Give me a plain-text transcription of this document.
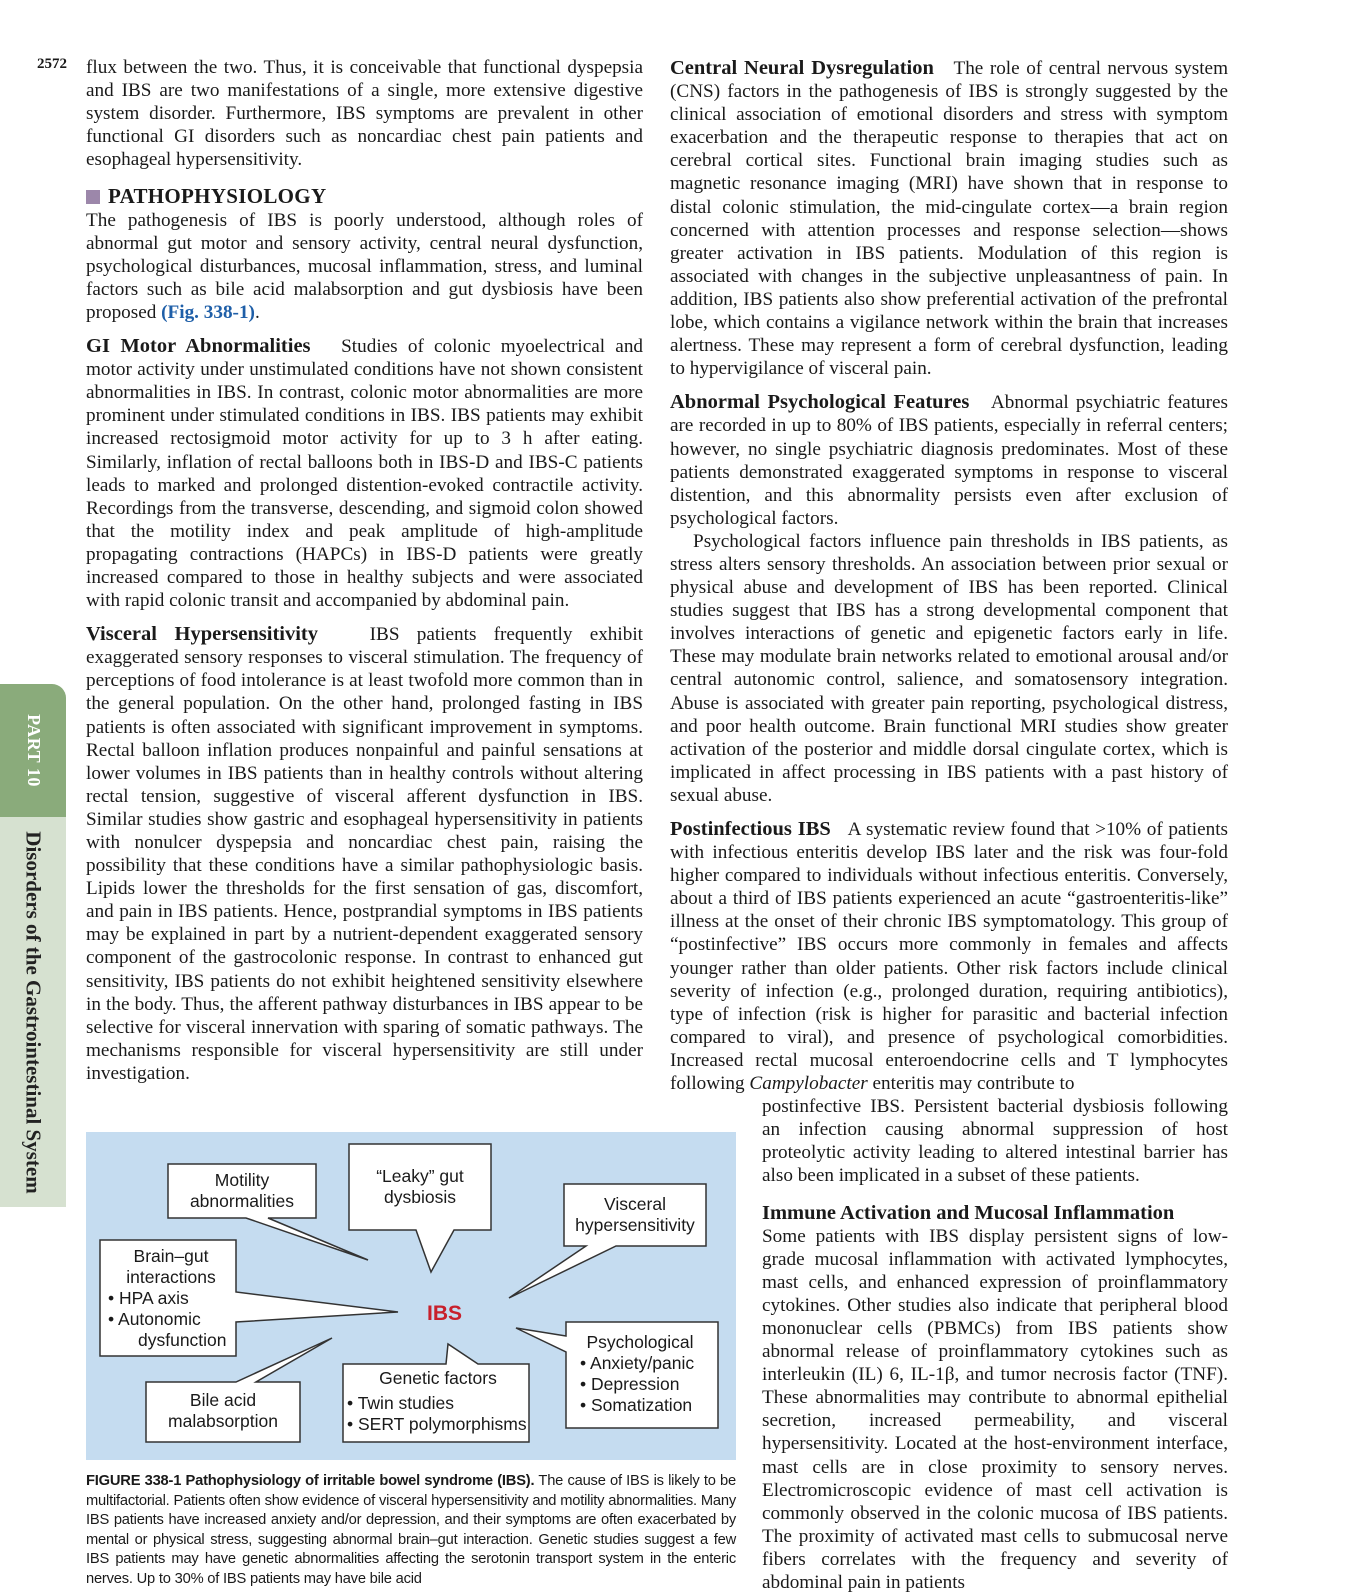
2572
PART 10
Disorders of the Gastrointestinal System

flux between the two. Thus, it is conceivable that functional dyspepsia and IBS are two manifestations of a single, more extensive digestive system disorder. Furthermore, IBS symptoms are prevalent in other functional GI disorders such as noncardiac chest pain patients and esophageal hypersensitivity.

PATHOPHYSIOLOGY

The pathogenesis of IBS is poorly understood, although roles of abnormal gut motor and sensory activity, central neural dysfunction, psychological disturbances, mucosal inflammation, stress, and luminal factors such as bile acid malabsorption and gut dysbiosis have been proposed (Fig. 338-1).

GI Motor Abnormalities Studies of colonic myoelectrical and motor activity under unstimulated conditions have not shown consistent abnormalities in IBS. In contrast, colonic motor abnormalities are more prominent under stimulated conditions in IBS. IBS patients may exhibit increased rectosigmoid motor activity for up to 3 h after eating. Similarly, inflation of rectal balloons both in IBS-D and IBS-C patients leads to marked and prolonged distention-evoked contractile activity. Recordings from the transverse, descending, and sigmoid colon showed that the motility index and peak amplitude of high-amplitude propagating contractions (HAPCs) in IBS-D patients were greatly increased compared to those in healthy subjects and were associated with rapid colonic transit and accompanied by abdominal pain.

Visceral Hypersensitivity	IBS patients frequently exhibit exaggerated sensory responses to visceral stimulation. The frequency of perceptions of food intolerance is at least twofold more common than in the general population. On the other hand, prolonged fasting in IBS patients is often associated with significant improvement in symptoms. Rectal balloon inflation produces nonpainful and painful sensations at lower volumes in IBS patients than in healthy controls without altering rectal tension, suggestive of visceral afferent dysfunction in IBS. Similar studies show gastric and esophageal hypersensitivity in patients with nonulcer dyspepsia and noncardiac chest pain, raising the possibility that these conditions have a similar pathophysiologic basis. Lipids lower the thresholds for the first sensation of gas, discomfort, and pain in IBS patients. Hence, postprandial symptoms in IBS patients may be explained in part by a nutrient-dependent exaggerated sensory component of the gastrocolonic response. In contrast to enhanced gut sensitivity, IBS patients do not exhibit heightened sensitivity elsewhere in the body. Thus, the afferent pathway disturbances in IBS appear to be selective for visceral innervation with sparing of somatic pathways. The mechanisms responsible for visceral hypersensitivity are still under investigation.

Central Neural Dysregulation The role of central nervous system (CNS) factors in the pathogenesis of IBS is strongly suggested by the clinical association of emotional disorders and stress with symptom exacerbation and the therapeutic response to therapies that act on cerebral cortical sites. Functional brain imaging studies such as magnetic resonance imaging (MRI) have shown that in response to distal colonic stimulation, the mid-cingulate cortex—a brain region concerned with attention processes and response selection—shows greater activation in IBS patients. Modulation of this region is associated with changes in the subjective unpleasantness of pain. In addition, IBS patients also show preferential activation of the prefrontal lobe, which contains a vigilance network within the brain that increases alertness. These may represent a form of cerebral dysfunction, leading to hypervigilance of visceral pain.

Abnormal Psychological Features Abnormal psychiatric features are recorded in up to 80% of IBS patients, especially in referral centers; however, no single psychiatric diagnosis predominates. Most of these patients demonstrated exaggerated symptoms in response to visceral distention, and this abnormality persists even after exclusion of psychological factors.

Psychological factors influence pain thresholds in IBS patients, as stress alters sensory thresholds. An association between prior sexual or physical abuse and development of IBS has been reported. Clinical studies suggest that IBS has a strong developmental component that involves interactions of genetic and epigenetic factors early in life. These may modulate brain networks related to emotional arousal and/or central autonomic control, salience, and somatosensory integration. Abuse is associated with greater pain reporting, psychological distress, and poor health outcome. Brain functional MRI studies show greater activation of the posterior and middle dorsal cingulate cortex, which is implicated in affect processing in IBS patients with a past history of sexual abuse.

Postinfectious IBS A systematic review found that >10% of patients with infectious enteritis develop IBS later and the risk was four-fold higher compared to individuals without infectious enteritis. Conversely, about a third of IBS patients experienced an acute “gastroenteritis-like” illness at the onset of their chronic IBS symptomatology. This group of “postinfective” IBS occurs more commonly in females and affects younger rather than older patients. Other risk factors include clinical severity of infection (e.g., prolonged duration, requiring antibiotics), type of infection (risk is higher for parasitic and bacterial infection compared to viral), and presence of psychological comorbidities. Increased rectal mucosal enteroendocrine cells and T lymphocytes following Campylobacter enteritis may contribute to

postinfective IBS. Persistent bacterial dysbiosis following an infection causing abnormal suppression of host proteolytic activity leading to altered intestinal barrier has also been implicated in a subset of these patients.

Immune Activation and Mucosal Inflammation

Some patients with IBS display persistent signs of low-grade mucosal inflammation with activated lymphocytes, mast cells, and enhanced expression of proinflammatory cytokines. Other studies also indicate that peripheral blood mononuclear cells (PBMCs) from IBS patients show abnormal release of proinflammatory cytokines such as interleukin (IL) 6, IL-1β, and tumor necrosis factor (TNF). These abnormalities may contribute to abnormal epithelial secretion, increased permeability, and visceral hypersensitivity. Located at the host-environment interface, mast cells are in close proximity to sensory nerves. Electromicroscopic evidence of mast cell activation is commonly observed in the colonic mucosa of IBS patients. The proximity of activated mast cells to submucosal nerve fibers correlates with the frequency and severity of abdominal pain in patients

Motility
abnormalities
“Leaky” gut
dysbiosis	Visceral
hypersensitivity
Brain–gut
interactions
• HPA axis
• Autonomic
dysfunction
IBS
Psychological
• Anxiety/panic
• Depression
• Somatization
Genetic factors
• Twin studies
• SERT polymorphisms
Bile acid
malabsorption
FIGURE 338-1 Pathophysiology of irritable bowel syndrome (IBS). The cause of IBS is likely to be multifactorial. Patients often show evidence of visceral hypersensitivity and motility abnormalities. Many IBS patients have increased anxiety and/or depression, and their symptoms are often exacerbated by mental or physical stress, suggesting abnormal brain–gut interaction. Genetic studies suggest a few IBS patients may have genetic abnormalities affecting the serotonin transport system in the enteric nerves. Up to 30% of IBS patients may have bile acid
